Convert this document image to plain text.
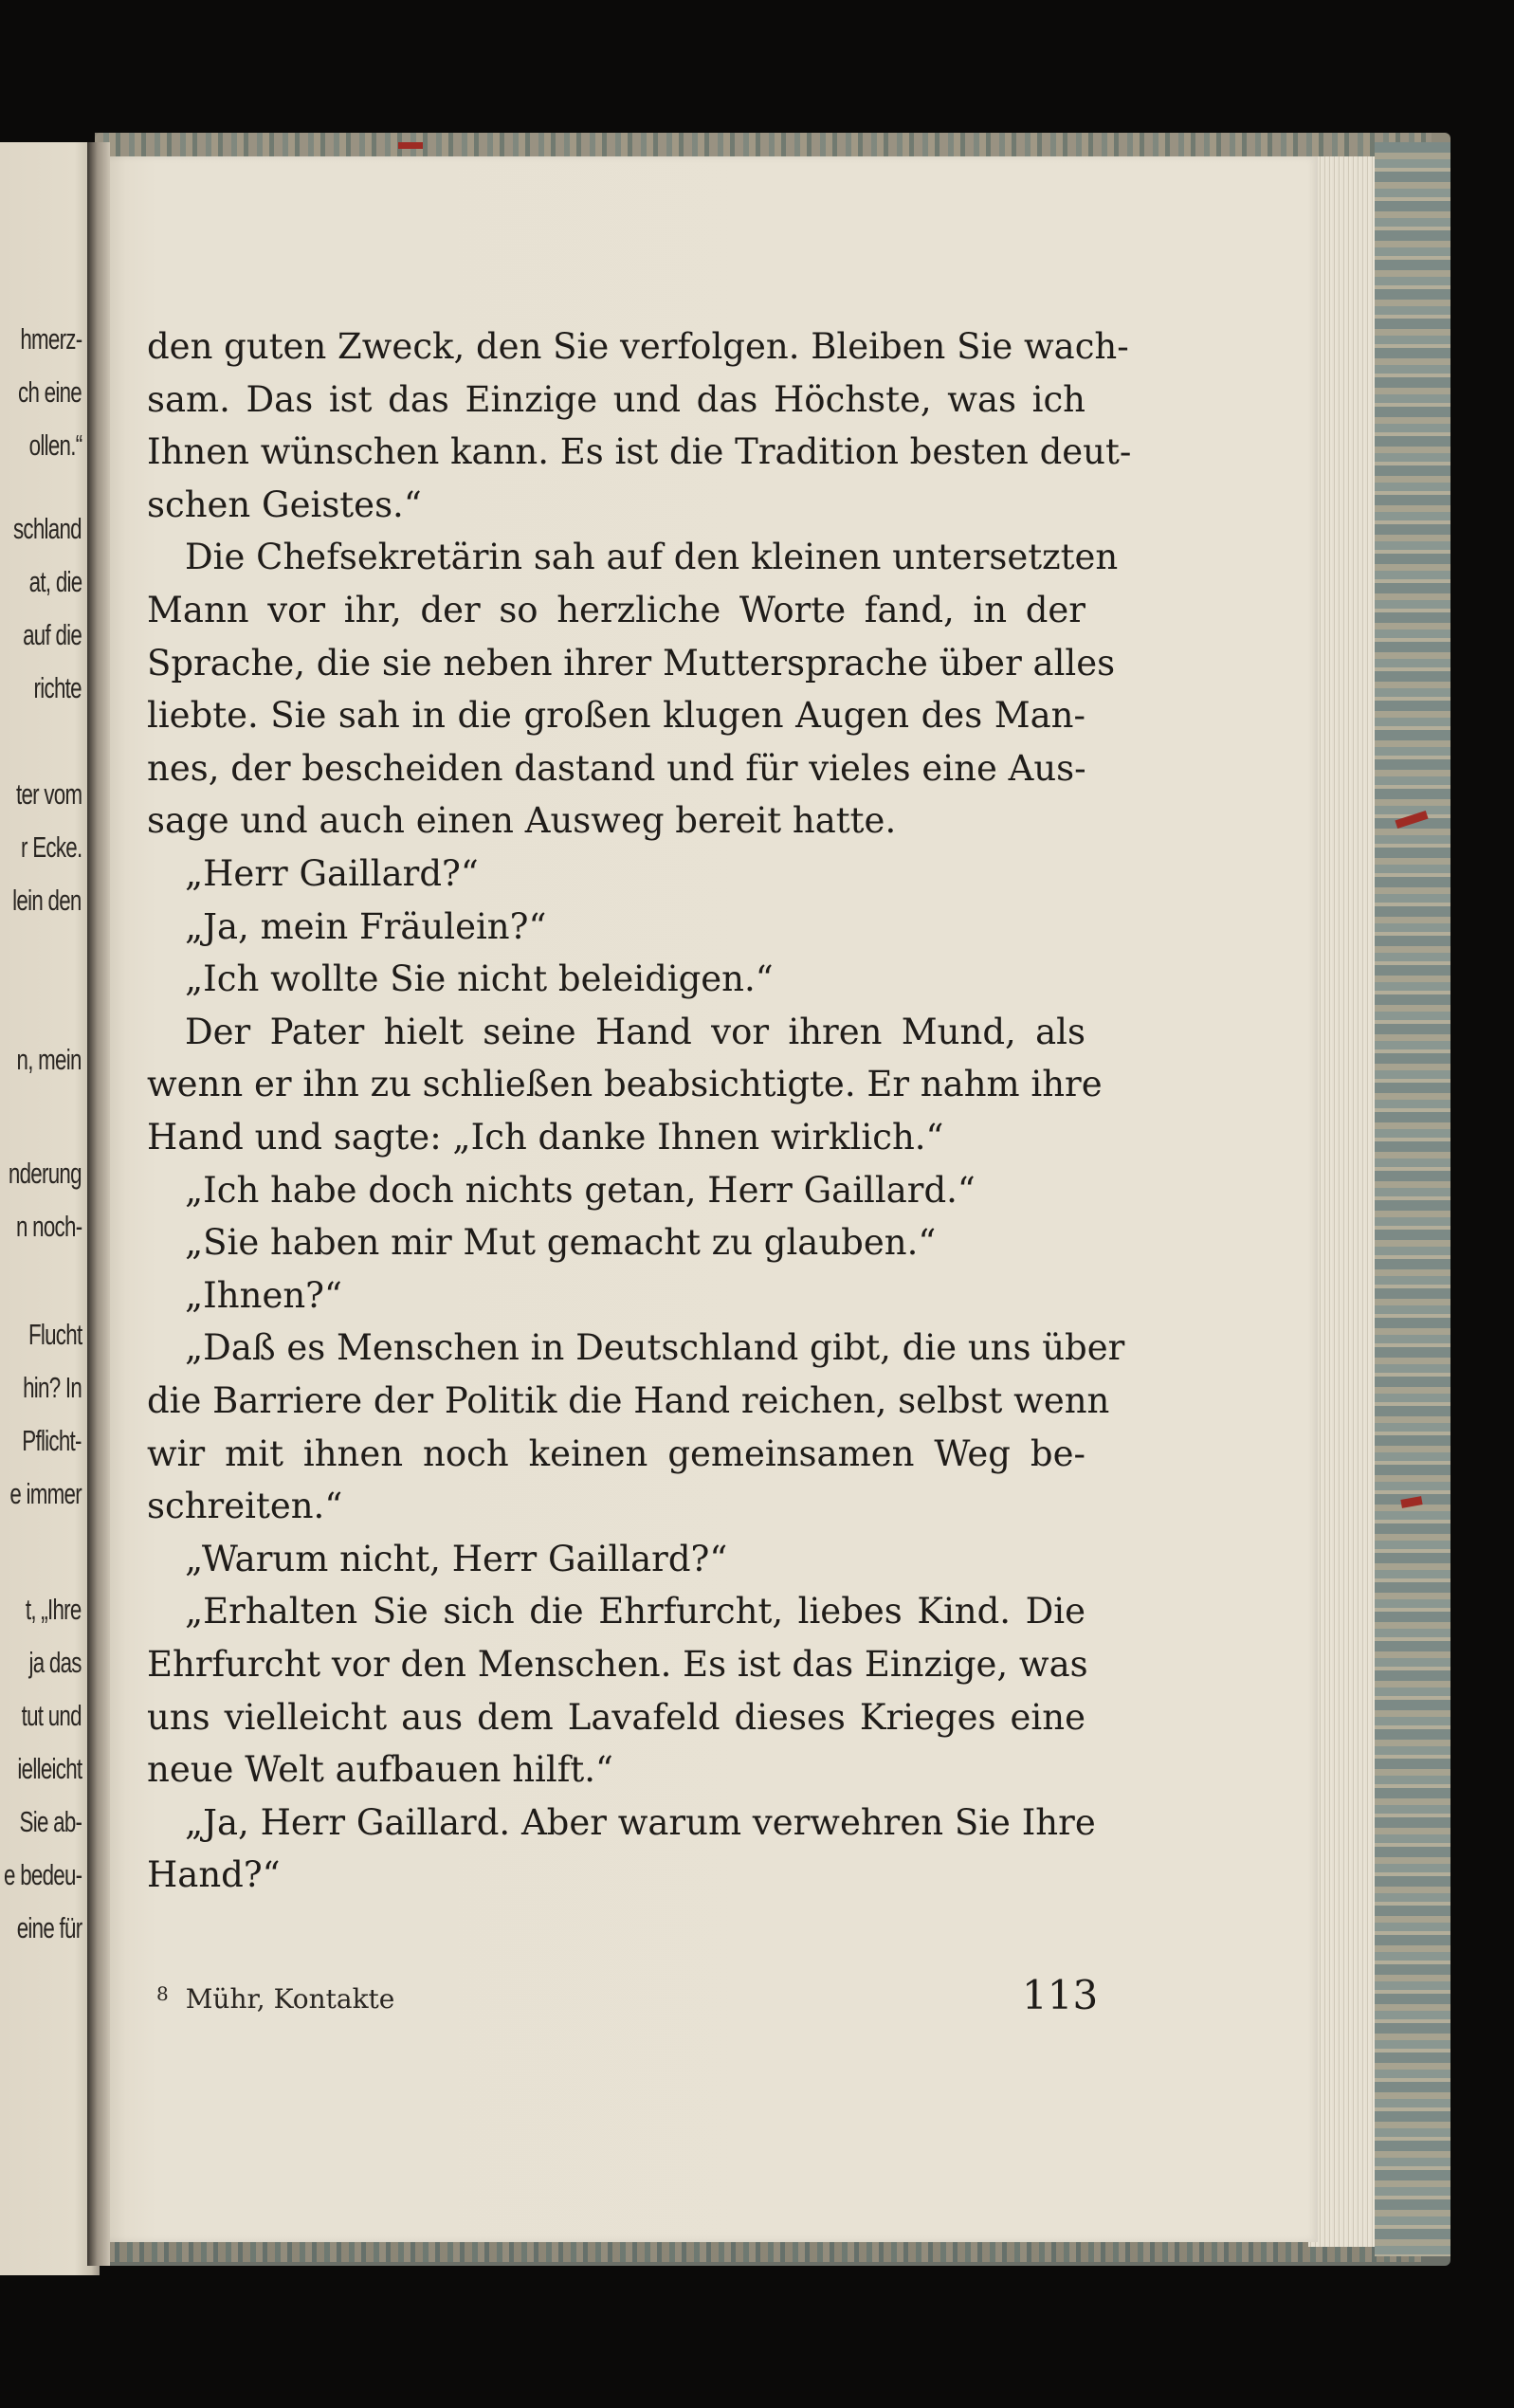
hmerz-
ch eine
ollen.“
schland
at, die
auf die
richte
ter vom
r Ecke.
lein den
n, mein
nderung
n noch-
Flucht
hin? In
Pflicht-
e immer
t, „Ihre
ja das
tut und
ielleicht
Sie ab-
e bedeu-
eine für
den guten Zweck, den Sie verfolgen. Bleiben Sie wach-
sam. Das ist das Einzige und das Höchste, was ich
Ihnen wünschen kann. Es ist die Tradition besten deut-
schen Geistes.“
Die Chefsekretärin sah auf den kleinen untersetzten
Mann vor ihr, der so herzliche Worte fand, in der
Sprache, die sie neben ihrer Muttersprache über alles
liebte. Sie sah in die großen klugen Augen des Man-
nes, der bescheiden dastand und für vieles eine Aus-
sage und auch einen Ausweg bereit hatte.
„Herr Gaillard?“
„Ja, mein Fräulein?“
„Ich wollte Sie nicht beleidigen.“
Der Pater hielt seine Hand vor ihren Mund, als
wenn er ihn zu schließen beabsichtigte. Er nahm ihre
Hand und sagte: „Ich danke Ihnen wirklich.“
„Ich habe doch nichts getan, Herr Gaillard.“
„Sie haben mir Mut gemacht zu glauben.“
„Ihnen?“
„Daß es Menschen in Deutschland gibt, die uns über
die Barriere der Politik die Hand reichen, selbst wenn
wir mit ihnen noch keinen gemeinsamen Weg be-
schreiten.“
„Warum nicht, Herr Gaillard?“
„Erhalten Sie sich die Ehrfurcht, liebes Kind. Die
Ehrfurcht vor den Menschen. Es ist das Einzige, was
uns vielleicht aus dem Lavafeld dieses Krieges eine
neue Welt aufbauen hilft.“
„Ja, Herr Gaillard. Aber warum verwehren Sie Ihre
Hand?“
$^8$ Mühr, Kontakte	113
